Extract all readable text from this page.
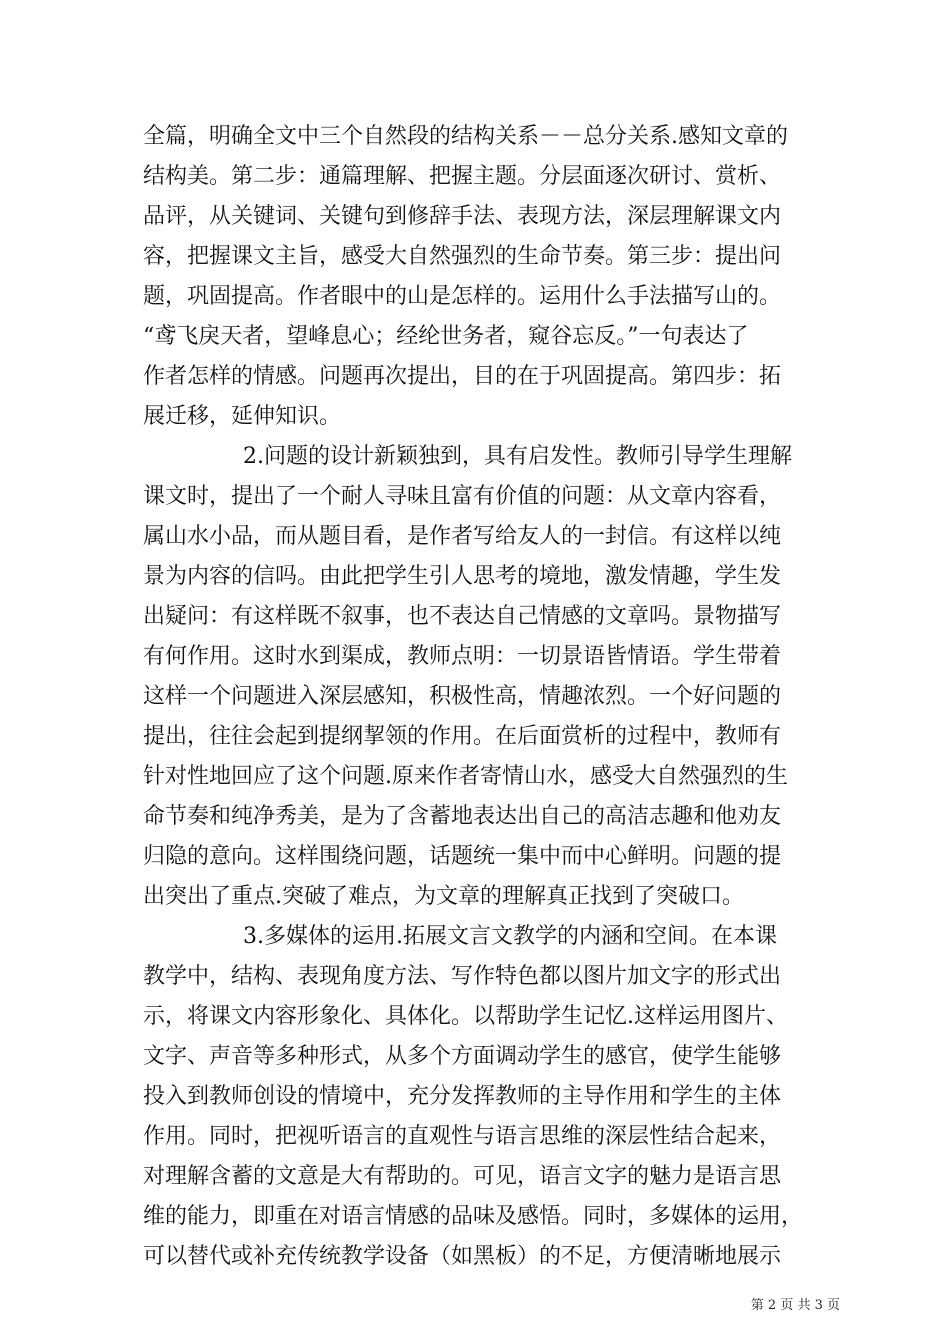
全篇，明确全文中三个自然段的结构关系－－总分关系.感知文章的
结构美。第二步：通篇理解、把握主题。分层面逐次研讨、赏析、
品评，从关键词、关键句到修辞手法、表现方法，深层理解课文内
容，把握课文主旨，感受大自然强烈的生命节奏。第三步：提出问
题，巩固提高。作者眼中的山是怎样的。运用什么手法描写山的。
“鸢飞戾天者，望峰息心；经纶世务者，窥谷忘反。”一句表达了
作者怎样的情感。问题再次提出，目的在于巩固提高。第四步：拓
展迁移，延伸知识。
2.问题的设计新颖独到，具有启发性。教师引导学生理解
课文时，提出了一个耐人寻味且富有价值的问题：从文章内容看，
属山水小品，而从题目看，是作者写给友人的一封信。有这样以纯
景为内容的信吗。由此把学生引人思考的境地，激发情趣，学生发
出疑问：有这样既不叙事，也不表达自己情感的文章吗。景物描写
有何作用。这时水到渠成，教师点明：一切景语皆情语。学生带着
这样一个问题进入深层感知，积极性高，情趣浓烈。一个好问题的
提出，往往会起到提纲挈领的作用。在后面赏析的过程中，教师有
针对性地回应了这个问题.原来作者寄情山水，感受大自然强烈的生
命节奏和纯净秀美，是为了含蓄地表达出自己的高洁志趣和他劝友
归隐的意向。这样围绕问题，话题统一集中而中心鲜明。问题的提
出突出了重点.突破了难点，为文章的理解真正找到了突破口。
3.多媒体的运用.拓展文言文教学的内涵和空间。在本课
教学中，结构、表现角度方法、写作特色都以图片加文字的形式出
示，将课文内容形象化、具体化。以帮助学生记忆.这样运用图片、
文字、声音等多种形式，从多个方面调动学生的感官，使学生能够
投入到教师创设的情境中，充分发挥教师的主导作用和学生的主体
作用。同时，把视听语言的直观性与语言思维的深层性结合起来，
对理解含蓄的文意是大有帮助的。可见，语言文字的魅力是语言思
维的能力，即重在对语言情感的品味及感悟。同时，多媒体的运用，
可以替代或补充传统教学设备（如黑板）的不足，方便清晰地展示
第 2 页 共 3 页
